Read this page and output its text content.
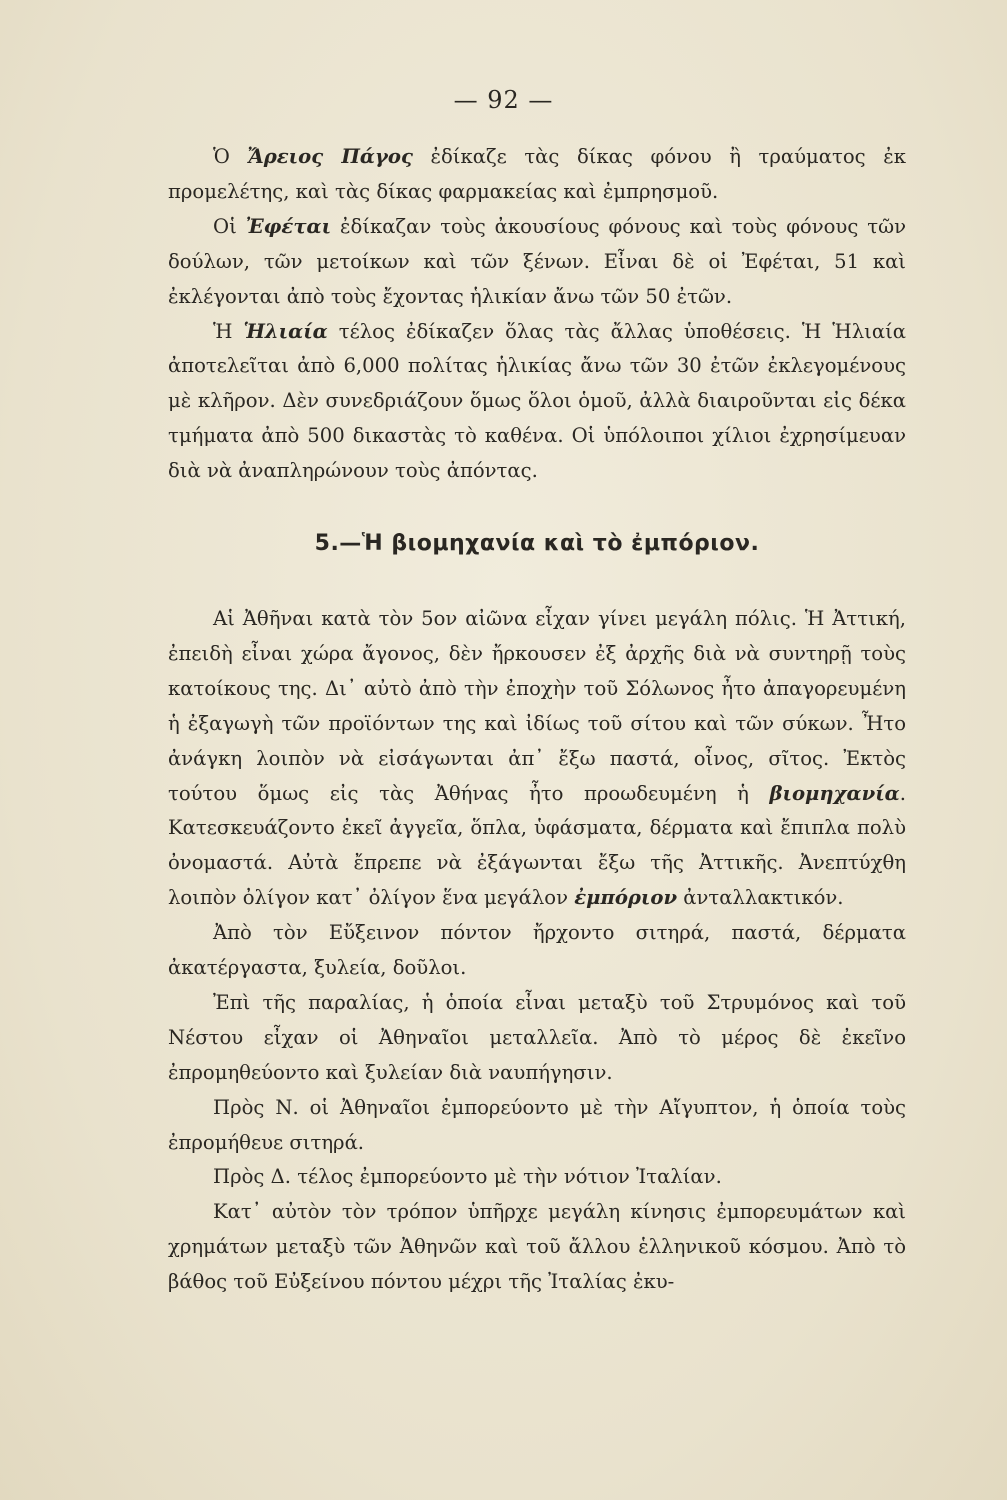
— 92 —

Ὁ Ἄρειος Πάγος ἐδίκαζε τὰς δίκας φόνου ἢ τραύματος ἐκ προμελέτης, καὶ τὰς δίκας φαρμακείας καὶ ἐμπρησμοῦ.

Οἱ Ἐφέται ἐδίκαζαν τοὺς ἀκουσίους φόνους καὶ τοὺς φόνους τῶν δούλων, τῶν μετοίκων καὶ τῶν ξένων. Εἶναι δὲ οἱ Ἐφέται, 51 καὶ ἐκλέγονται ἀπὸ τοὺς ἔχοντας ἡλικίαν ἄνω τῶν 50 ἐτῶν.

Ἡ Ἡλιαία τέλος ἐδίκαζεν ὅλας τὰς ἄλλας ὑποθέσεις. Ἡ Ἡλιαία ἀποτελεῖται ἀπὸ 6,000 πολίτας ἡλικίας ἄνω τῶν 30 ἐτῶν ἐκλεγομένους μὲ κλῆρον. Δὲν συνεδριάζουν ὅμως ὅλοι ὁμοῦ, ἀλλὰ διαιροῦνται εἰς δέκα τμήματα ἀπὸ 500 δικαστὰς τὸ καθένα. Οἱ ὑπόλοιποι χίλιοι ἐχρησίμευαν διὰ νὰ ἀναπληρώνουν τοὺς ἀπόντας.

5.—Ἡ βιομηχανία καὶ τὸ ἐμπόριον.

Αἱ Ἀθῆναι κατὰ τὸν 5ον αἰῶνα εἶχαν γίνει μεγάλη πόλις. Ἡ Ἀττική, ἐπειδὴ εἶναι χώρα ἄγονος, δὲν ἤρκουσεν ἐξ ἀρχῆς διὰ νὰ συντηρῇ τοὺς κατοίκους της. Δι᾽ αὐτὸ ἀπὸ τὴν ἐποχὴν τοῦ Σόλωνος ἦτο ἀπαγορευμένη ἡ ἐξαγωγὴ τῶν προϊόντων της καὶ ἰδίως τοῦ σίτου καὶ τῶν σύκων. Ἦτο ἀνάγκη λοιπὸν νὰ εἰσάγωνται ἀπ᾽ ἔξω παστά, οἶνος, σῖτος. Ἐκτὸς τούτου ὅμως εἰς τὰς Ἀθήνας ἦτο προωδευμένη ἡ βιομηχανία. Κατεσκευάζοντο ἐκεῖ ἀγγεῖα, ὅπλα, ὑφάσματα, δέρματα καὶ ἔπιπλα πολὺ ὀνομαστά. Αὐτὰ ἔπρεπε νὰ ἐξάγωνται ἔξω τῆς Ἀττικῆς. Ἀνεπτύχθη λοιπὸν ὀλίγον κατ᾽ ὀλίγον ἕνα μεγάλον ἐμπόριον ἀνταλλακτικόν.

Ἀπὸ τὸν Εὔξεινον πόντον ἤρχοντο σιτηρά, παστά, δέρματα ἀκατέργαστα, ξυλεία, δοῦλοι.

Ἐπὶ τῆς παραλίας, ἡ ὁποία εἶναι μεταξὺ τοῦ Στρυμόνος καὶ τοῦ Νέστου εἶχαν οἱ Ἀθηναῖοι μεταλλεῖα. Ἀπὸ τὸ μέρος δὲ ἐκεῖνο ἐπρομηθεύοντο καὶ ξυλείαν διὰ ναυπήγησιν.

Πρὸς Ν. οἱ Ἀθηναῖοι ἐμπορεύοντο μὲ τὴν Αἴγυπτον, ἡ ὁποία τοὺς ἐπρομήθευε σιτηρά.

Πρὸς Δ. τέλος ἐμπορεύοντο μὲ τὴν νότιον Ἰταλίαν.

Κατ᾽ αὐτὸν τὸν τρόπον ὑπῆρχε μεγάλη κίνησις ἐμπορευμάτων καὶ χρημάτων μεταξὺ τῶν Ἀθηνῶν καὶ τοῦ ἄλλου ἑλληνικοῦ κόσμου. Ἀπὸ τὸ βάθος τοῦ Εὐξείνου πόντου μέχρι τῆς Ἰταλίας ἐκυ-
